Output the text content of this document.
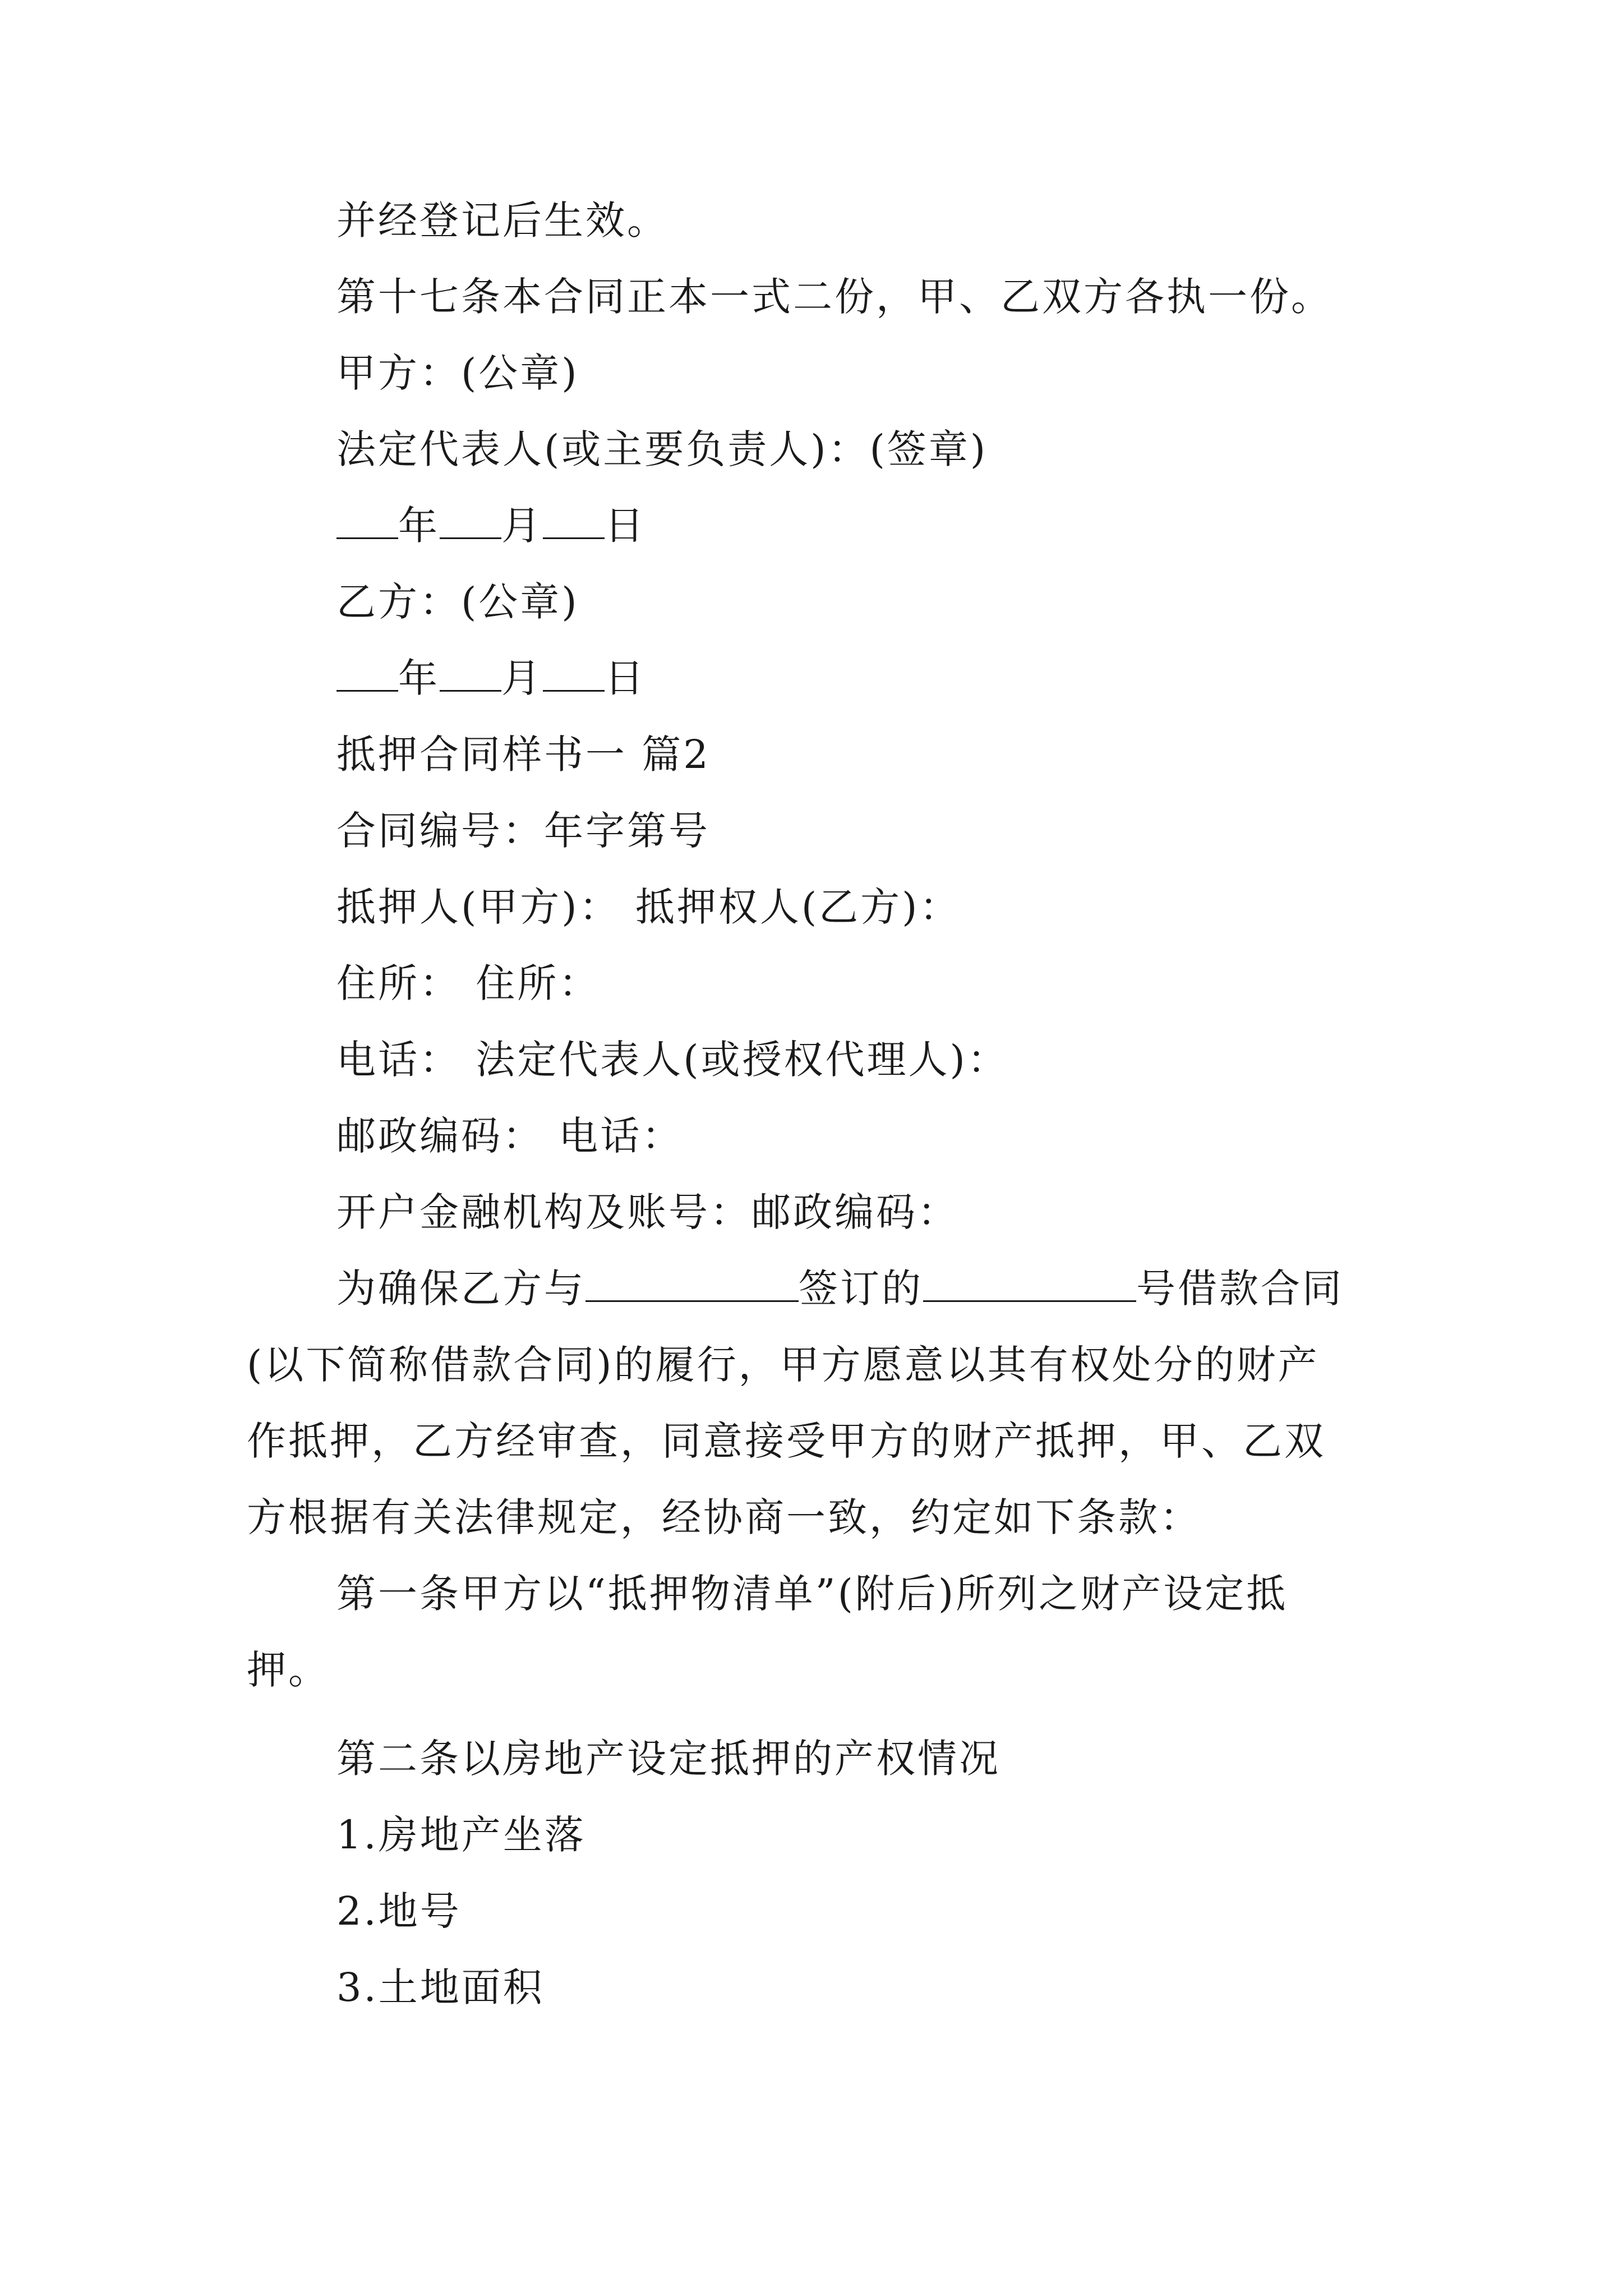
并经登记后生效。
第十七条本合同正本一式二份，甲、乙双方各执一份。
甲方：(公章)
法定代表人(或主要负责人)：(签章)
年 月 日
乙方：(公章)
年 月 日
抵押合同样书一 篇2
合同编号：年字第号
抵押人(甲方)： 抵押权人(乙方)：
住所： 住所：
电话： 法定代表人(或授权代理人)：
邮政编码： 电话：
开户金融机构及账号：邮政编码：
为确保乙方与	签订的	号借款合同
(以下简称借款合同)的履行，甲方愿意以其有权处分的财产
作抵押，乙方经审查，同意接受甲方的财产抵押，甲、乙双
方根据有关法律规定，经协商一致，约定如下条款：
第一条甲方以“抵押物清单”(附后)所列之财产设定抵
押。
第二条以房地产设定抵押的产权情况
1.房地产坐落
2.地号
3.土地面积
